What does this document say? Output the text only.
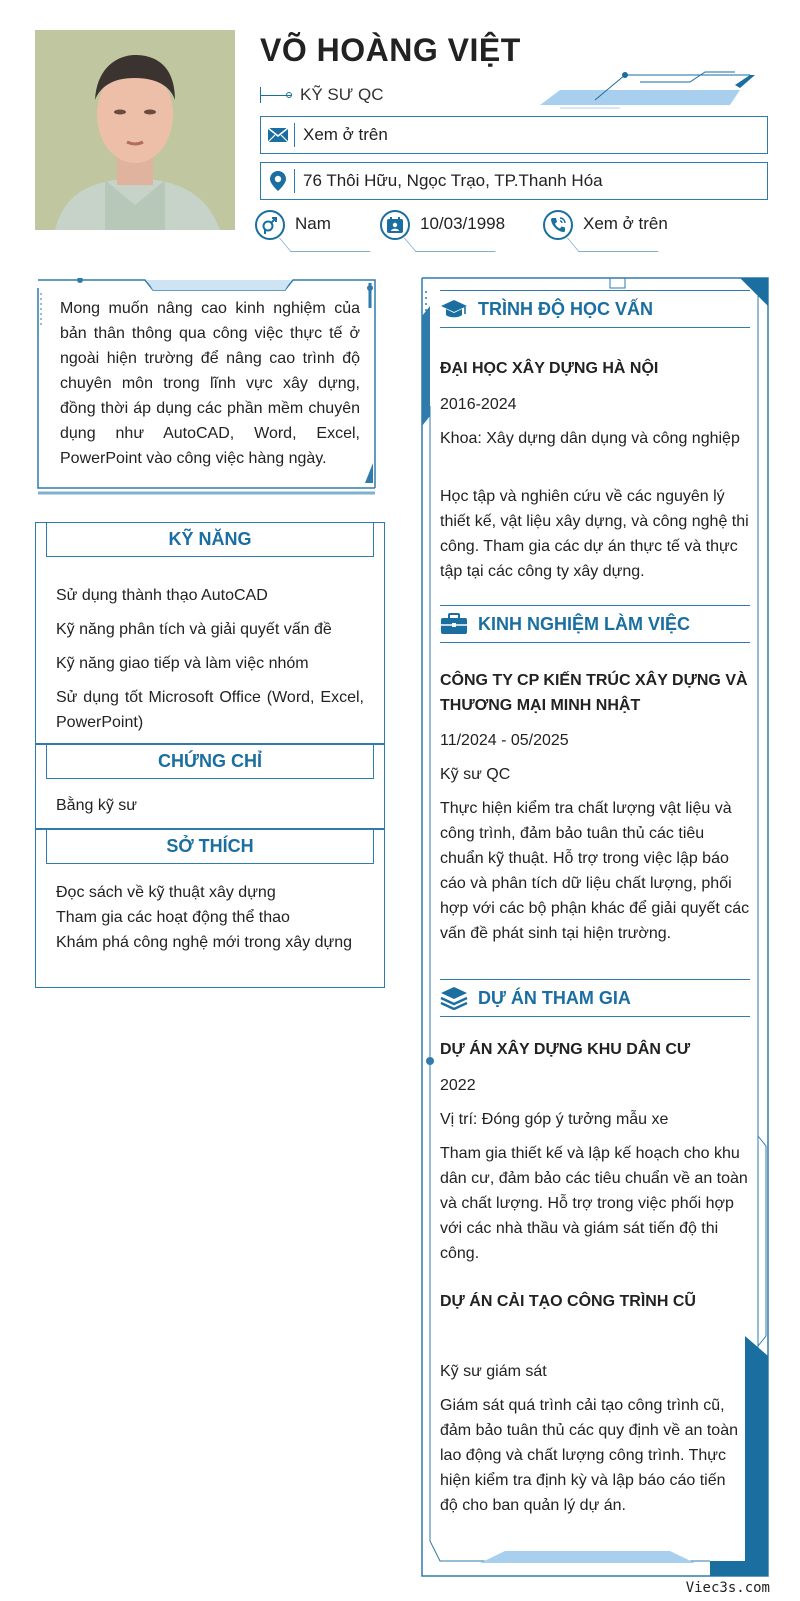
VÕ HOÀNG VIỆT
KỸ SƯ QC
Xem ở trên
76 Thôi Hữu, Ngọc Trạo, TP.Thanh Hóa
Nam	10/03/1998	Xem ở trên
Mong muốn nâng cao kinh nghiệm của bản thân thông qua công việc thực tế ở ngoài hiện trường để nâng cao trình độ chuyên môn trong lĩnh vực xây dựng, đồng thời áp dụng các phần mềm chuyên dụng như AutoCAD, Word, Excel, PowerPoint vào công việc hàng ngày.
KỸ NĂNG
Sử dụng thành thạo AutoCAD
Kỹ năng phân tích và giải quyết vấn đề
Kỹ năng giao tiếp và làm việc nhóm
Sử dụng tốt Microsoft Office (Word, Excel, PowerPoint)
CHỨNG CHỈ
Bằng kỹ sư
SỞ THÍCH
Đọc sách về kỹ thuật xây dựng
Tham gia các hoạt động thể thao
Khám phá công nghệ mới trong xây dựng
TRÌNH ĐỘ HỌC VẤN
ĐẠI HỌC XÂY DỰNG HÀ NỘI
2016-2024
Khoa: Xây dựng dân dụng và công nghiệp
Học tập và nghiên cứu về các nguyên lý thiết kế, vật liệu xây dựng, và công nghệ thi công. Tham gia các dự án thực tế và thực tập tại các công ty xây dựng.
KINH NGHIỆM LÀM VIỆC
CÔNG TY CP KIẾN TRÚC XÂY DỰNG VÀ THƯƠNG MẠI MINH NHẬT
11/2024 - 05/2025
Kỹ sư QC
Thực hiện kiểm tra chất lượng vật liệu và công trình, đảm bảo tuân thủ các tiêu chuẩn kỹ thuật. Hỗ trợ trong việc lập báo cáo và phân tích dữ liệu chất lượng, phối hợp với các bộ phận khác để giải quyết các vấn đề phát sinh tại hiện trường.
DỰ ÁN THAM GIA
DỰ ÁN XÂY DỰNG KHU DÂN CƯ
2022
Vị trí: Đóng góp ý tưởng mẫu xe
Tham gia thiết kế và lập kế hoạch cho khu dân cư, đảm bảo các tiêu chuẩn về an toàn và chất lượng. Hỗ trợ trong việc phối hợp với các nhà thầu và giám sát tiến độ thi công.
DỰ ÁN CẢI TẠO CÔNG TRÌNH CŨ
Kỹ sư giám sát
Giám sát quá trình cải tạo công trình cũ, đảm bảo tuân thủ các quy định về an toàn lao động và chất lượng công trình. Thực hiện kiểm tra định kỳ và lập báo cáo tiến độ cho ban quản lý dự án.
Viec3s.com
